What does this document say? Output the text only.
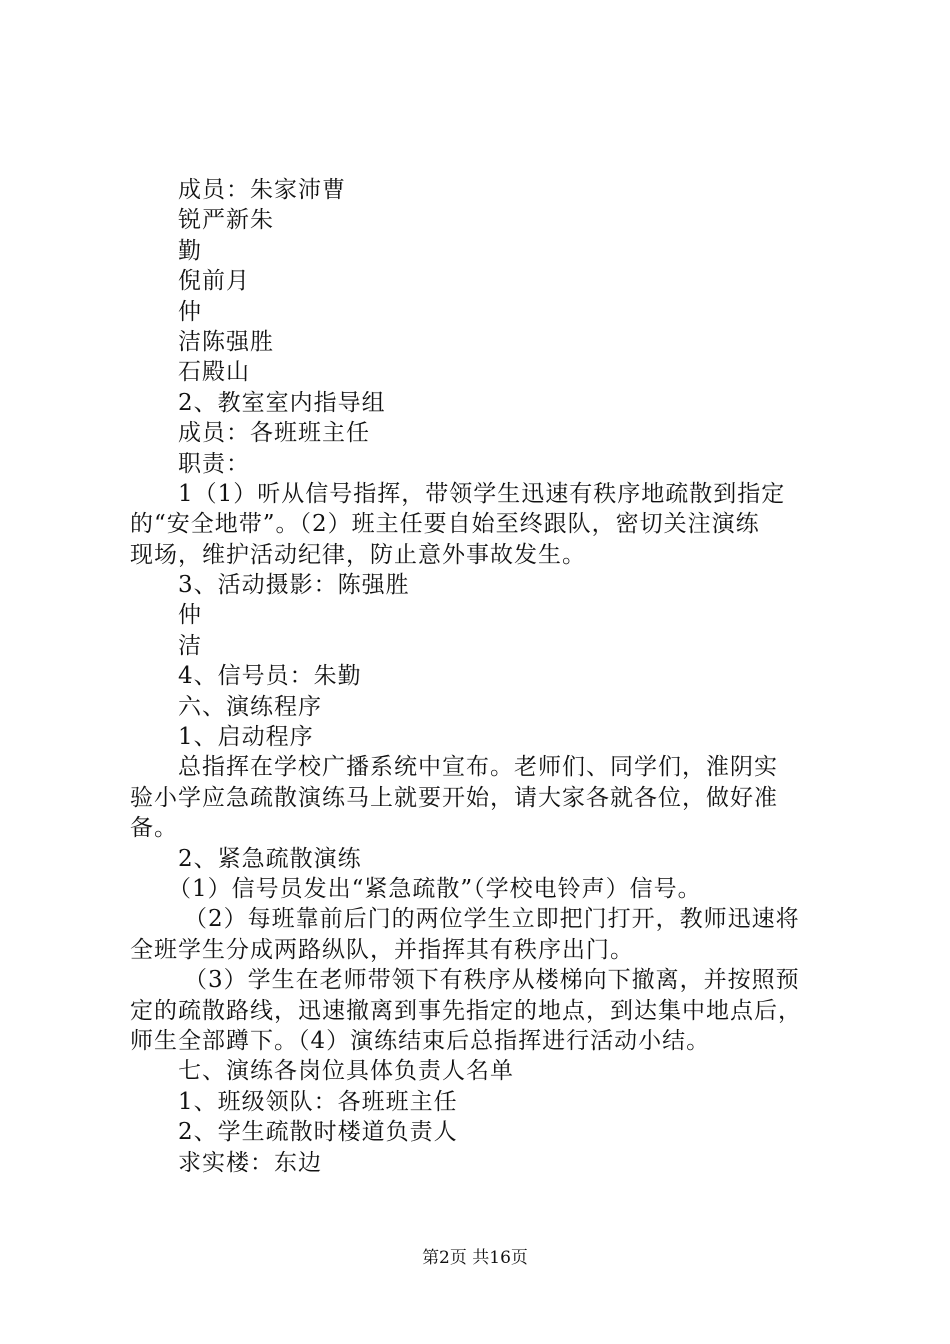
成员：朱家沛曹
锐严新朱
勤
倪前月
仲
洁陈强胜
石殿山
2、教室室内指导组
成员：各班班主任
职责：
1（1）听从信号指挥，带领学生迅速有秩序地疏散到指定
的“安全地带”。（2）班主任要自始至终跟队，密切关注演练
现场，维护活动纪律，防止意外事故发生。
3、活动摄影：陈强胜
仲
洁
4、信号员：朱勤
六、演练程序
1、启动程序
总指挥在学校广播系统中宣布。老师们、同学们，淮阴实
验小学应急疏散演练马上就要开始，请大家各就各位，做好准
备。
2、紧急疏散演练
（1）信号员发出“紧急疏散”（学校电铃声）信号。
（2）每班靠前后门的两位学生立即把门打开，教师迅速将
全班学生分成两路纵队，并指挥其有秩序出门。
（3）学生在老师带领下有秩序从楼梯向下撤离，并按照预
定的疏散路线，迅速撤离到事先指定的地点，到达集中地点后，
师生全部蹲下。（4）演练结束后总指挥进行活动小结。
七、演练各岗位具体负责人名单
1、班级领队：各班班主任
2、学生疏散时楼道负责人
求实楼：东边
第2页 共16页
